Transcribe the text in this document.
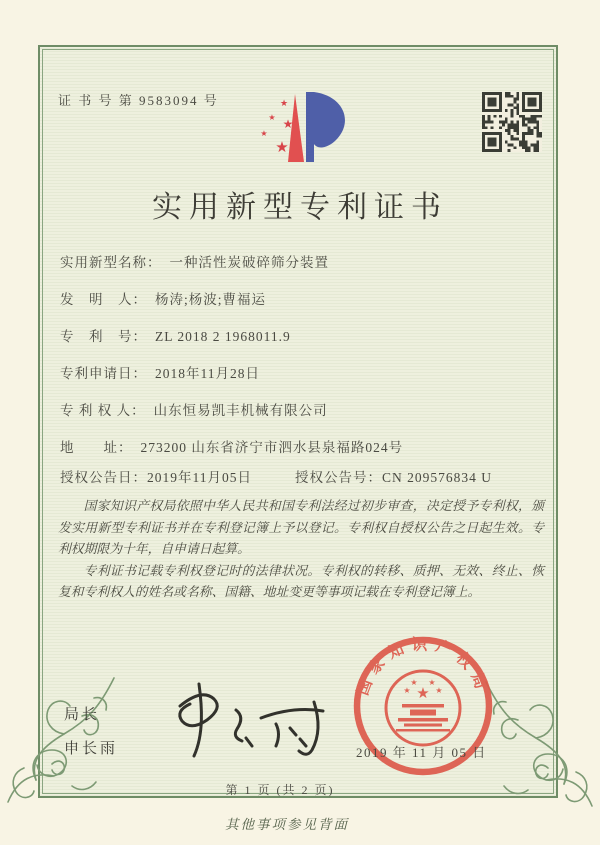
证 书 号 第 9583094 号	★
★ ★
★
★
实用新型专利证书
实用新型名称： 一种活性炭破碎筛分装置
发　明　人： 杨涛;杨波;曹福运
专　利　号： ZL 2018 2 1968011.9
专利申请日： 2018年11月28日
专 利 权 人： 山东恒易凯丰机械有限公司
地　　址： 273200 山东省济宁市泗水县泉福路024号
授权公告日：2019年11月05日	授权公告号：CN 209576834 U

国家知识产权局依照中华人民共和国专利法经过初步审查，决定授予专利权，颁发实用新型专利证书并在专利登记簿上予以登记。专利权自授权公告之日起生效。专利权期限为十年，自申请日起算。

专利证书记载专利权登记时的法律状况。专利权的转移、质押、无效、终止、恢复和专利权人的姓名或名称、国籍、地址变更等事项记载在专利登记簿上。

局长
申长雨
国家知识产权局
★
★	★
★ ★
2019 年 11 月 05 日
第 1 页 (共 2 页)
其他事项参见背面
